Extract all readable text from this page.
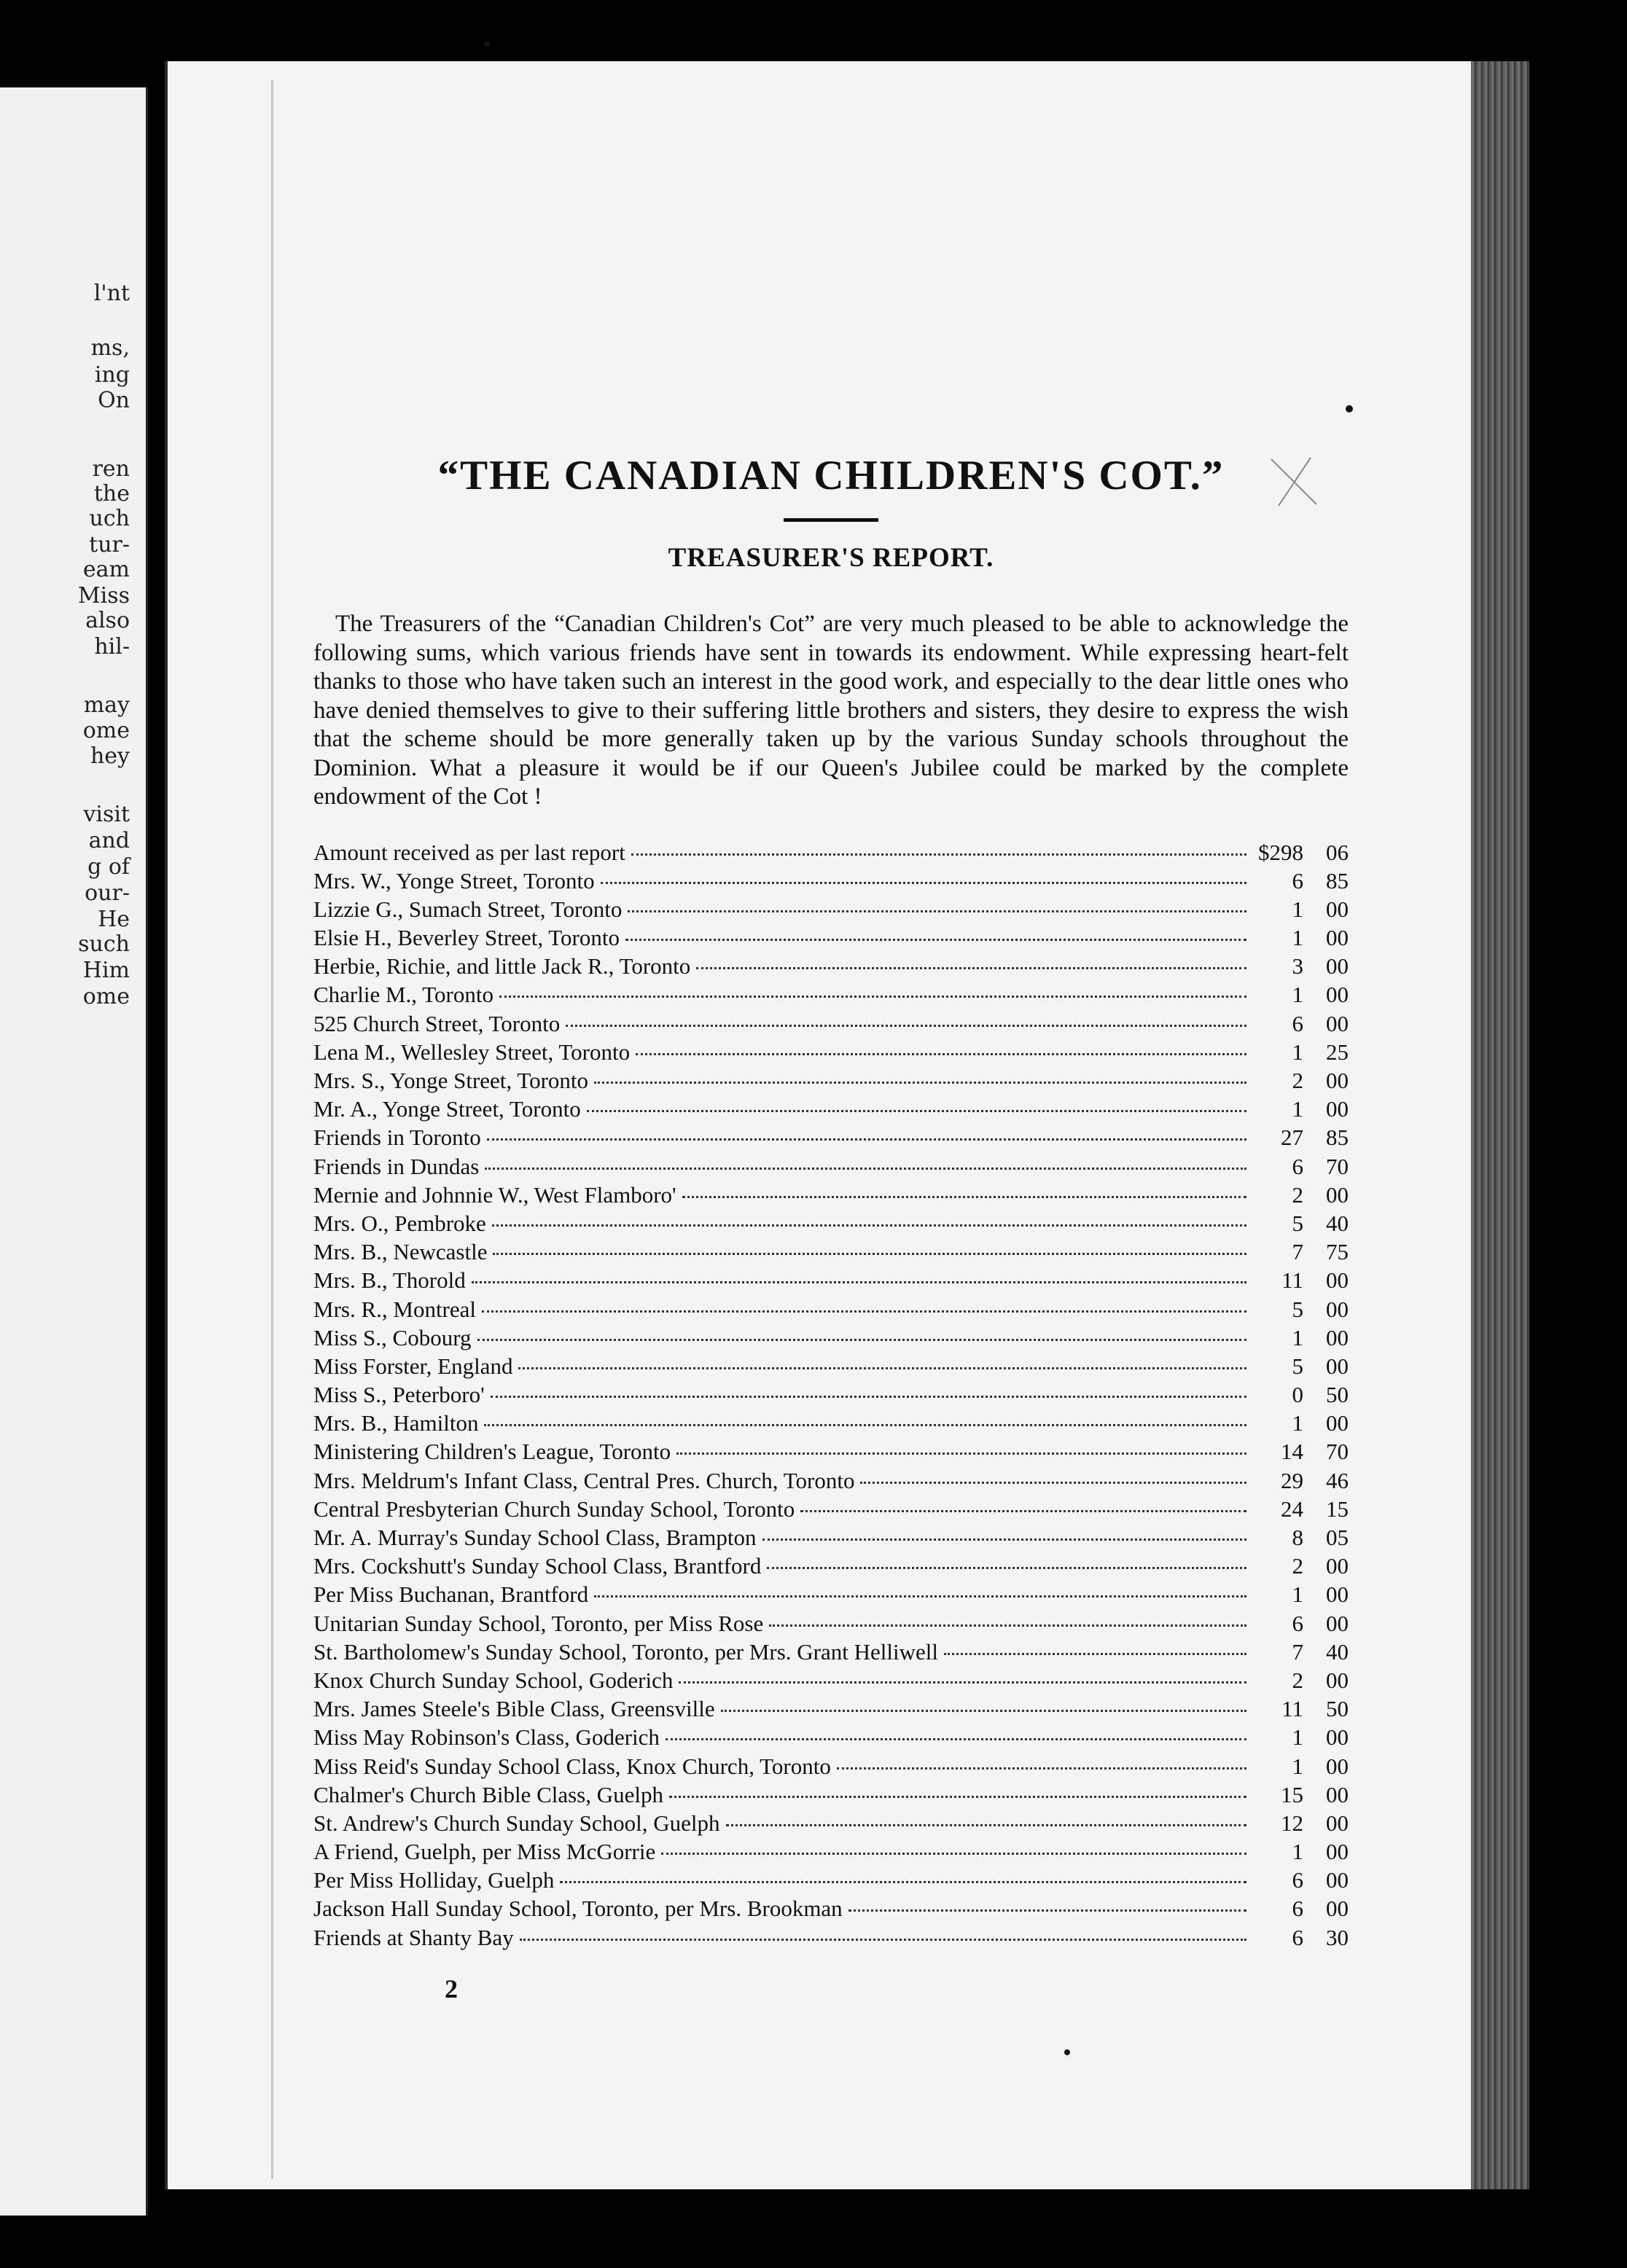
l'nt
ms,
ing
On
ren
the
uch
tur-
eam
Miss
also
hil-
may
ome
hey
visit
and
g of
our-
He
such
Him
ome
“THE CANADIAN CHILDREN'S COT.”
TREASURER'S REPORT.

The Treasurers of the “Canadian Children's Cot” are very much pleased to be able to acknowledge the following sums, which various friends have sent in towards its endowment. While expressing heart-felt thanks to those who have taken such an interest in the good work, and especially to the dear little ones who have denied themselves to give to their suffering little brothers and sisters, they desire to express the wish that the scheme should be more generally taken up by the various Sunday schools throughout the Dominion. What a pleasure it would be if our Queen's Jubilee could be marked by the complete endowment of the Cot !

Amount received as per last report	$298	06
Mrs. W., Yonge Street, Toronto	6	85
Lizzie G., Sumach Street, Toronto	1	00
Elsie H., Beverley Street, Toronto	1	00
Herbie, Richie, and little Jack R., Toronto	3	00
Charlie M., Toronto	1	00
525 Church Street, Toronto	6	00
Lena M., Wellesley Street, Toronto	1	25
Mrs. S., Yonge Street, Toronto	2	00
Mr. A., Yonge Street, Toronto	1	00
Friends in Toronto	27	85
Friends in Dundas	6	70
Mernie and Johnnie W., West Flamboro'	2	00
Mrs. O., Pembroke	5	40
Mrs. B., Newcastle	7	75
Mrs. B., Thorold	11	00
Mrs. R., Montreal	5	00
Miss S., Cobourg	1	00
Miss Forster, England	5	00
Miss S., Peterboro'	0	50
Mrs. B., Hamilton	1	00
Ministering Children's League, Toronto	14	70
Mrs. Meldrum's Infant Class, Central Pres. Church, Toronto	29	46
Central Presbyterian Church Sunday School, Toronto	24	15
Mr. A. Murray's Sunday School Class, Brampton	8	05
Mrs. Cockshutt's Sunday School Class, Brantford	2	00
Per Miss Buchanan, Brantford	1	00
Unitarian Sunday School, Toronto, per Miss Rose	6	00
St. Bartholomew's Sunday School, Toronto, per Mrs. Grant Helliwell	7	40
Knox Church Sunday School, Goderich	2	00
Mrs. James Steele's Bible Class, Greensville	11	50
Miss May Robinson's Class, Goderich	1	00
Miss Reid's Sunday School Class, Knox Church, Toronto	1	00
Chalmer's Church Bible Class, Guelph	15	00
St. Andrew's Church Sunday School, Guelph	12	00
A Friend, Guelph, per Miss McGorrie	1	00
Per Miss Holliday, Guelph	6	00
Jackson Hall Sunday School, Toronto, per Mrs. Brookman	6	00
Friends at Shanty Bay	6	30
2
